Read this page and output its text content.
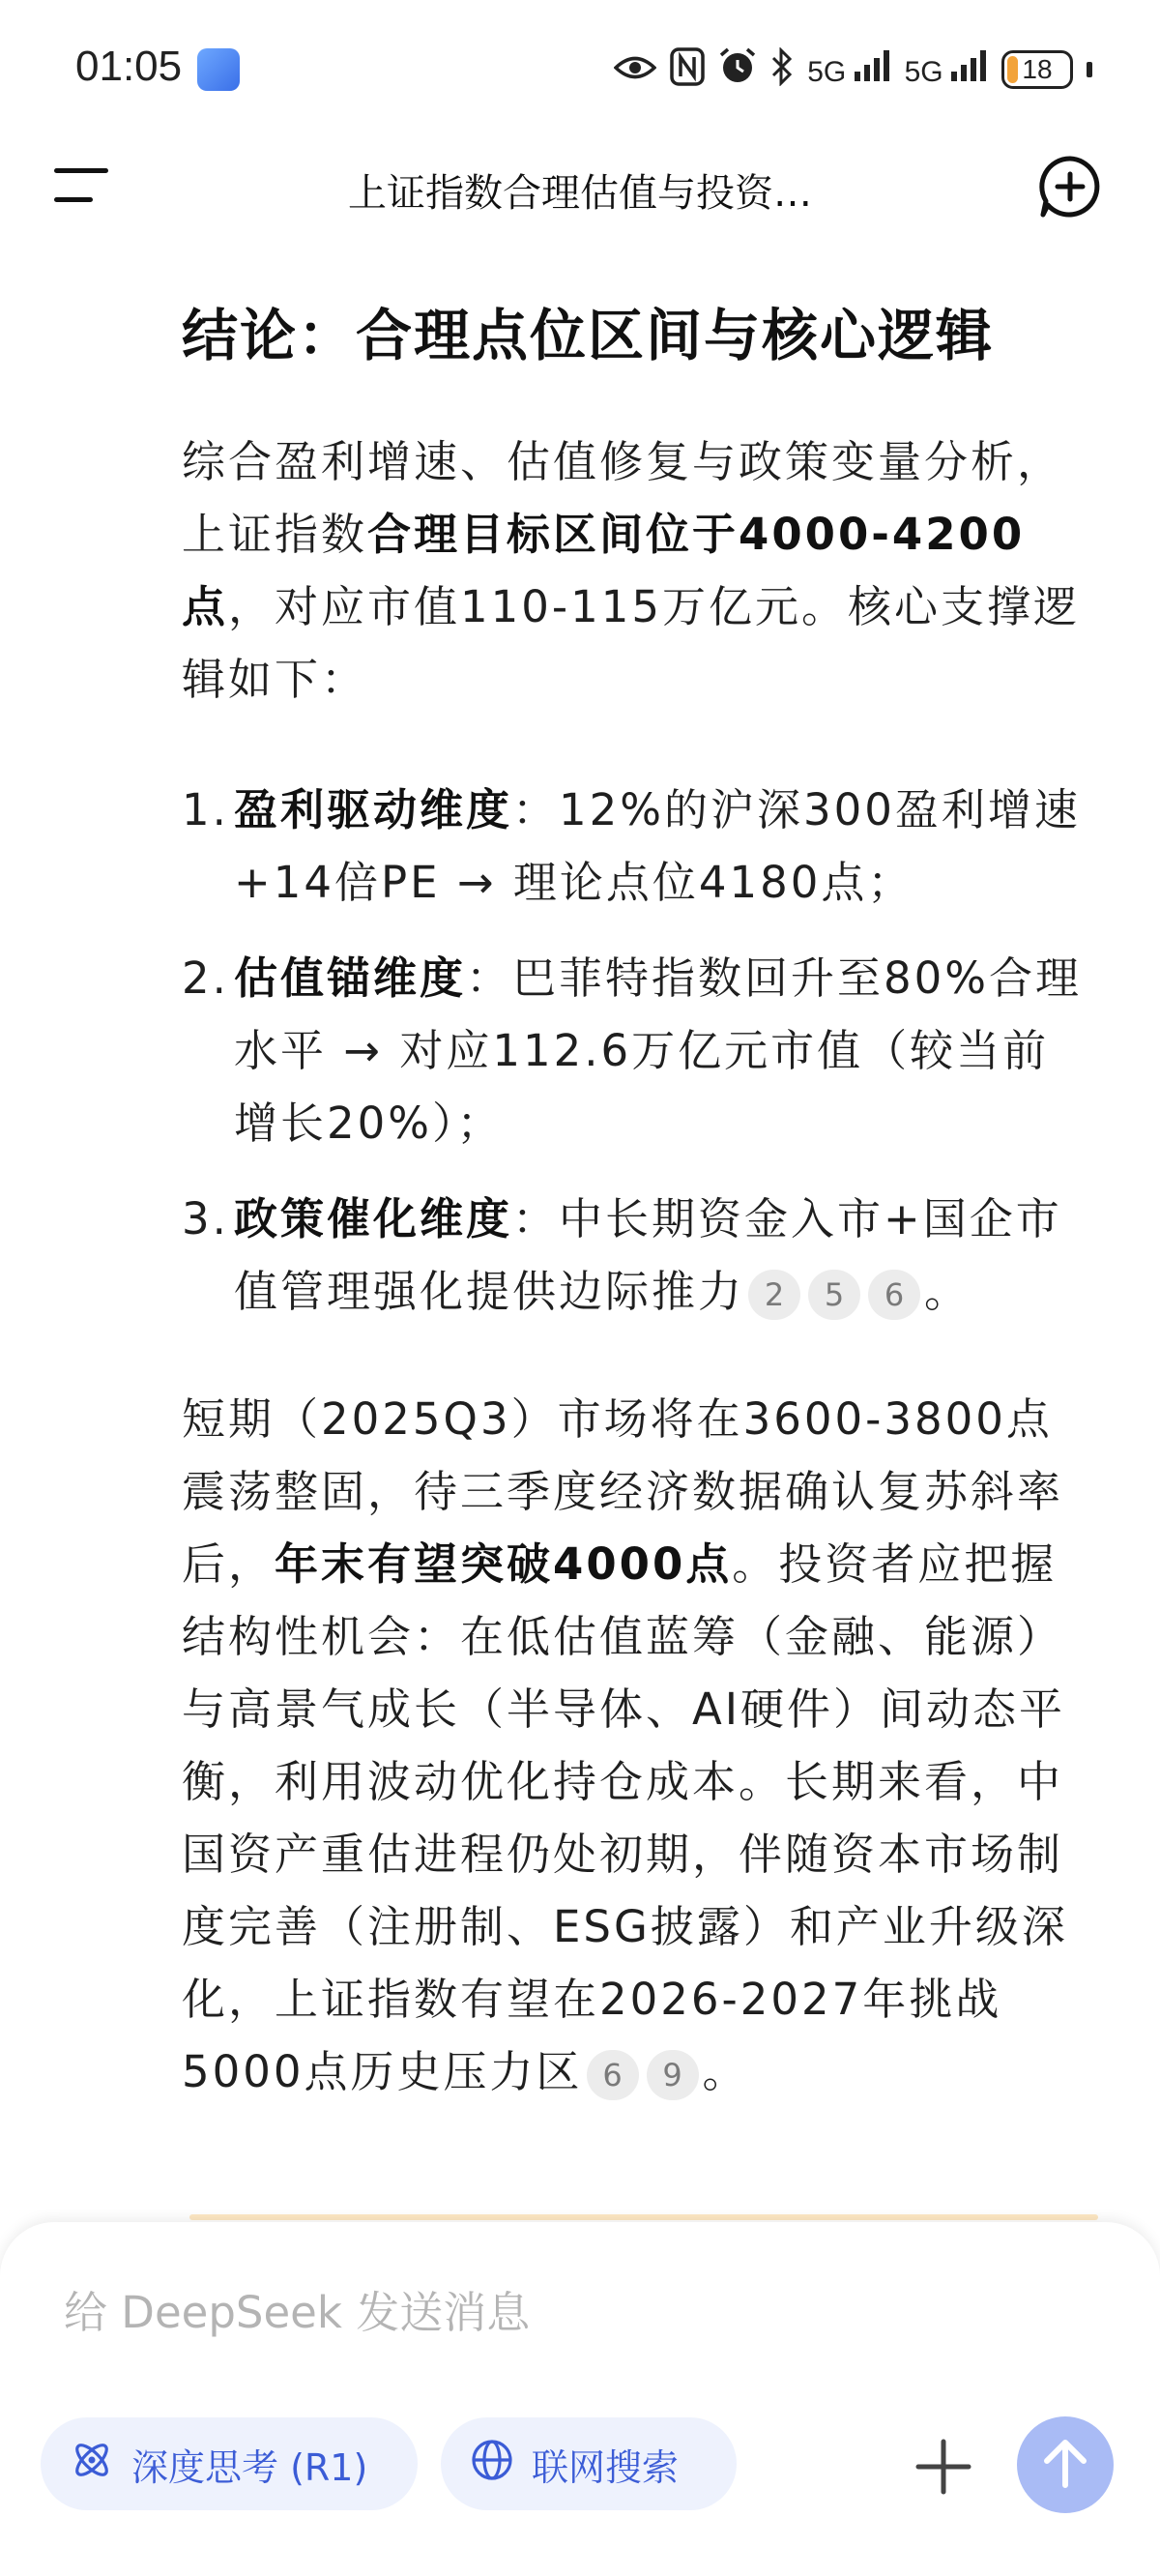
01:05	5G	5G	18
上证指数合理估值与投资…
结论：合理点位区间与核心逻辑
综合盈利增速、估值修复与政策变量分析，上证指数合理目标区间位于4000-4200点，对应市值110-115万亿元。核心支撑逻辑如下：
1. 盈利驱动维度：12%的沪深300盈利增速+14倍PE → 理论点位4180点；
2. 估值锚维度：巴菲特指数回升至80%合理水平 → 对应112.6万亿元市值（较当前增长20%）；
3. 政策催化维度：中长期资金入市+国企市值管理强化提供边际推力 2 5 6 。
短期（2025Q3）市场将在3600-3800点震荡整固，待三季度经济数据确认复苏斜率后，年末有望突破4000点。投资者应把握结构性机会：在低估值蓝筹（金融、能源）与高景气成长（半导体、AI硬件）间动态平衡，利用波动优化持仓成本。长期来看，中国资产重估进程仍处初期，伴随资本市场制度完善（注册制、ESG披露）和产业升级深化，上证指数有望在2026-2027年挑战5000点历史压力区 6 9 。
给 DeepSeek 发送消息
深度思考 (R1)	联网搜索
